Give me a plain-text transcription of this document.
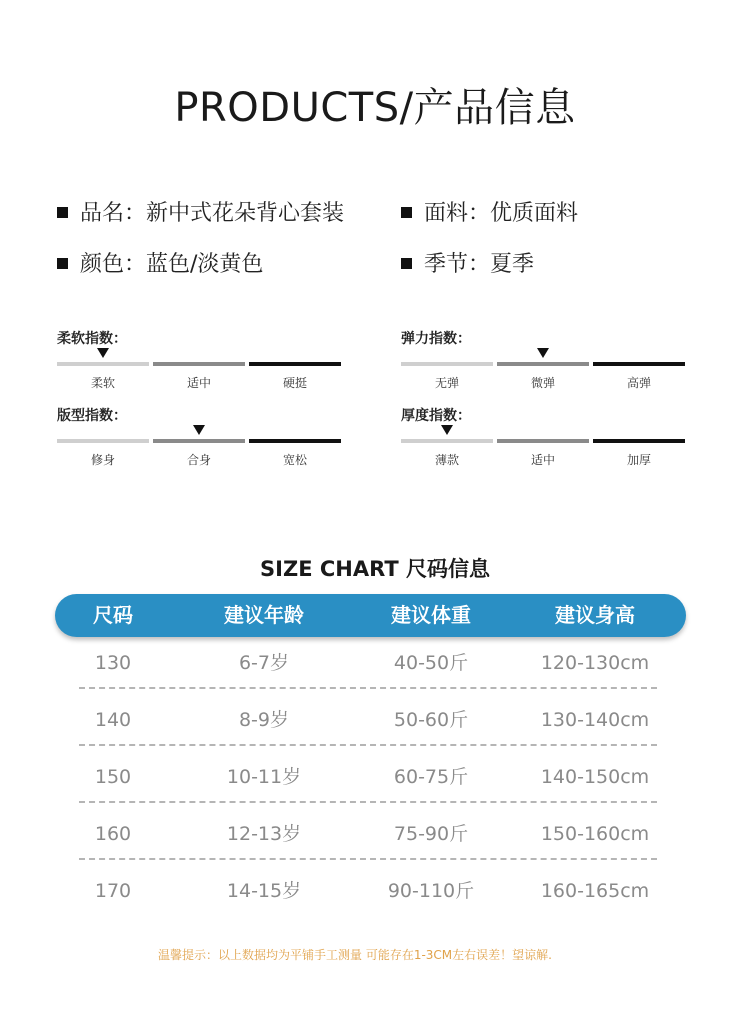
PRODUCTS/产品信息
品名：新中式花朵背心套装	面料：优质面料
颜色：蓝色/淡黄色	季节：夏季
柔软指数：
柔软	适中	硬挺
弹力指数：
无弹	微弹	高弹
版型指数：
修身	合身	宽松
厚度指数：
薄款	适中	加厚
SIZE CHART 尺码信息
尺码	建议年龄	建议体重	建议身高
130	6-7岁	40-50斤	120-130cm
140	8-9岁	50-60斤	130-140cm
150	10-11岁	60-75斤	140-150cm
160	12-13岁	75-90斤	150-160cm
170	14-15岁	90-110斤	160-165cm
温馨提示：以上数据均为平铺手工测量 可能存在1-3CM左右误差！望谅解.
